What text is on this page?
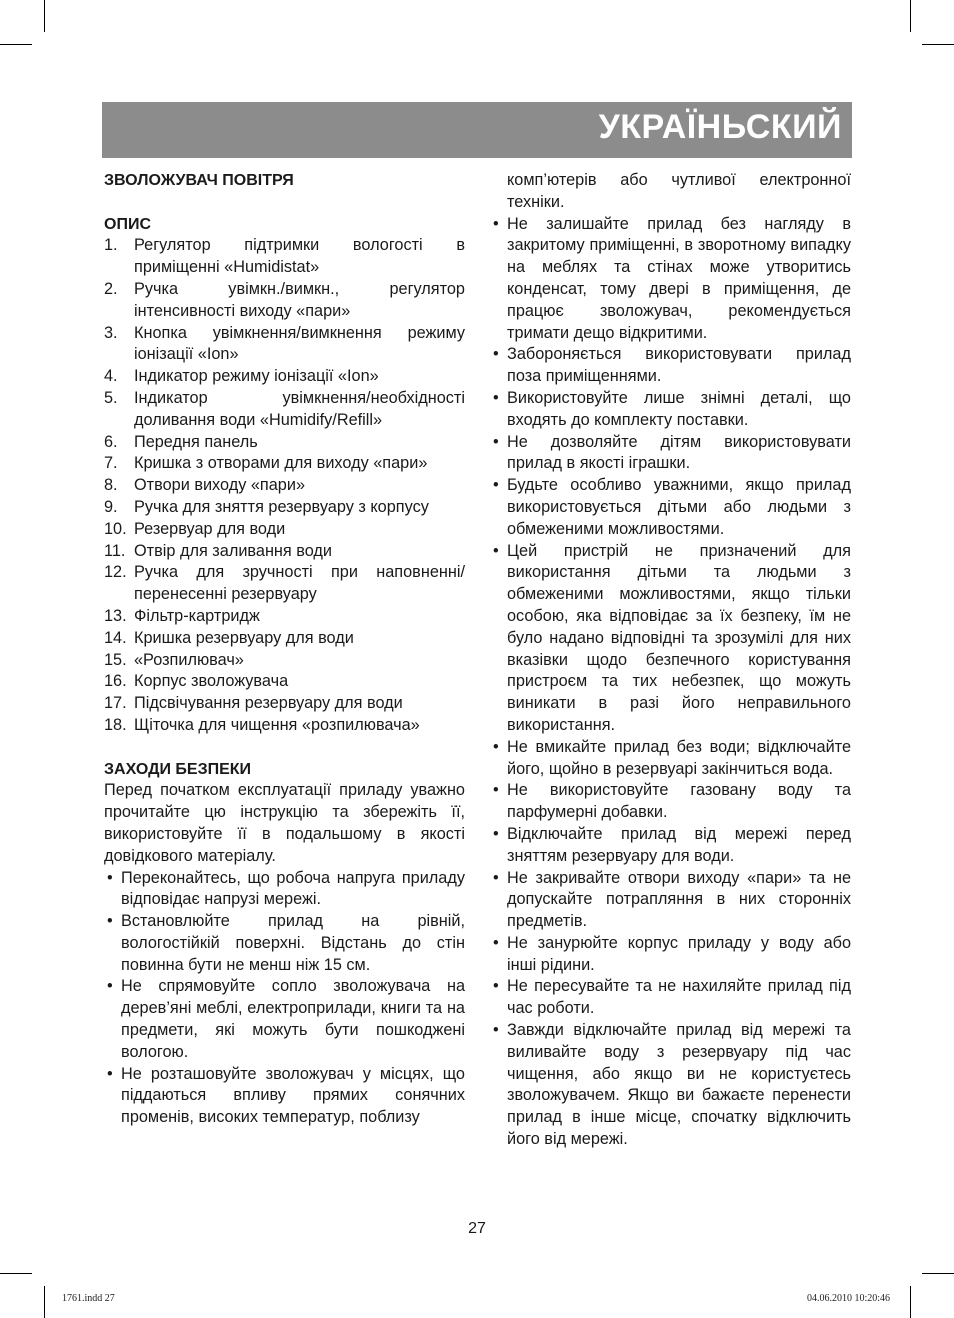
УКРАЇНЬСКИЙ
ЗВОЛОЖУВАЧ ПОВІТРЯ
ОПИС
1. Регулятор підтримки вологості в приміщенні «Humidistat»
2. Ручка увімкн./вимкн., регулятор інтенсивності виходу «пари»
3. Кнопка увімкнення/вимкнення режиму іонізації «Ion»
4. Індикатор режиму іонізації «Ion»
5. Індикатор увімкнення/необхідності доливання води «Humidify/Refill»
6. Передня панель
7. Кришка з отворами для виходу «пари»
8. Отвори виходу «пари»
9. Ручка для зняття резервуару з корпусу
10. Резервуар для води
11. Отвір для заливання води
12. Ручка для зручності при наповненні/перенесенні резервуару
13. Фільтр-картридж
14. Кришка резервуару для води
15. «Розпилювач»
16. Корпус зволожувача
17. Підсвічування резервуару для води
18. Щіточка для чищення «розпилювача»
ЗАХОДИ БЕЗПЕКИ
Перед початком експлуатації приладу уважно прочитайте цю інструкцію та збережіть її, використовуйте її в подальшому в якості довідкового матеріалу.
• Переконайтесь, що робоча напруга приладу відповідає напрузі мережі.
• Встановлюйте прилад на рівній, вологостійкій поверхні. Відстань до стін повинна бути не менш ніж 15 см.
• Не спрямовуйте сопло зволожувача на дерев’яні меблі, електроприлади, книги та на предмети, які можуть бути пошкоджені вологою.
• Не розташовуйте зволожувач у місцях, що піддаються впливу прямих сонячних променів, високих температур, поблизу
комп’ютерів або чутливої електронної техніки.
• Не залишайте прилад без нагляду в закритому приміщенні, в зворотному випадку на меблях та стінах може утворитись конденсат, тому двері в приміщення, де працює зволожувач, рекомендується тримати дещо відкритими.
• Забороняється використовувати прилад поза приміщеннями.
• Використовуйте лише знімні деталі, що входять до комплекту поставки.
• Не дозволяйте дітям використовувати прилад в якості іграшки.
• Будьте особливо уважними, якщо прилад використовується дітьми або людьми з обмеженими можливостями.
• Цей пристрій не призначений для використання дітьми та людьми з обмеженими можливостями, якщо тільки особою, яка відповідає за їх безпеку, їм не було надано відповідні та зрозумілі для них вказівки щодо безпечного користування пристроєм та тих небезпек, що можуть виникати в разі його неправильного використання.
• Не вмикайте прилад без води; відключайте його, щойно в резервуарі закінчиться вода.
• Не використовуйте газовану воду та парфумерні добавки.
• Відключайте прилад від мережі перед зняттям резервуару для води.
• Не закривайте отвори виходу «пари» та не допускайте потрапляння в них сторонніх предметів.
• Не занурюйте корпус приладу у воду або інші рідини.
• Не пересувайте та не нахиляйте прилад під час роботи.
• Завжди відключайте прилад від мережі та виливайте воду з резервуару під час чищення, або якщо ви не користуєтесь зволожувачем. Якщо ви бажаєте перенести прилад в інше місце, спочатку відключить його від мережі.
27
1761.indd 27	04.06.2010 10:20:46
